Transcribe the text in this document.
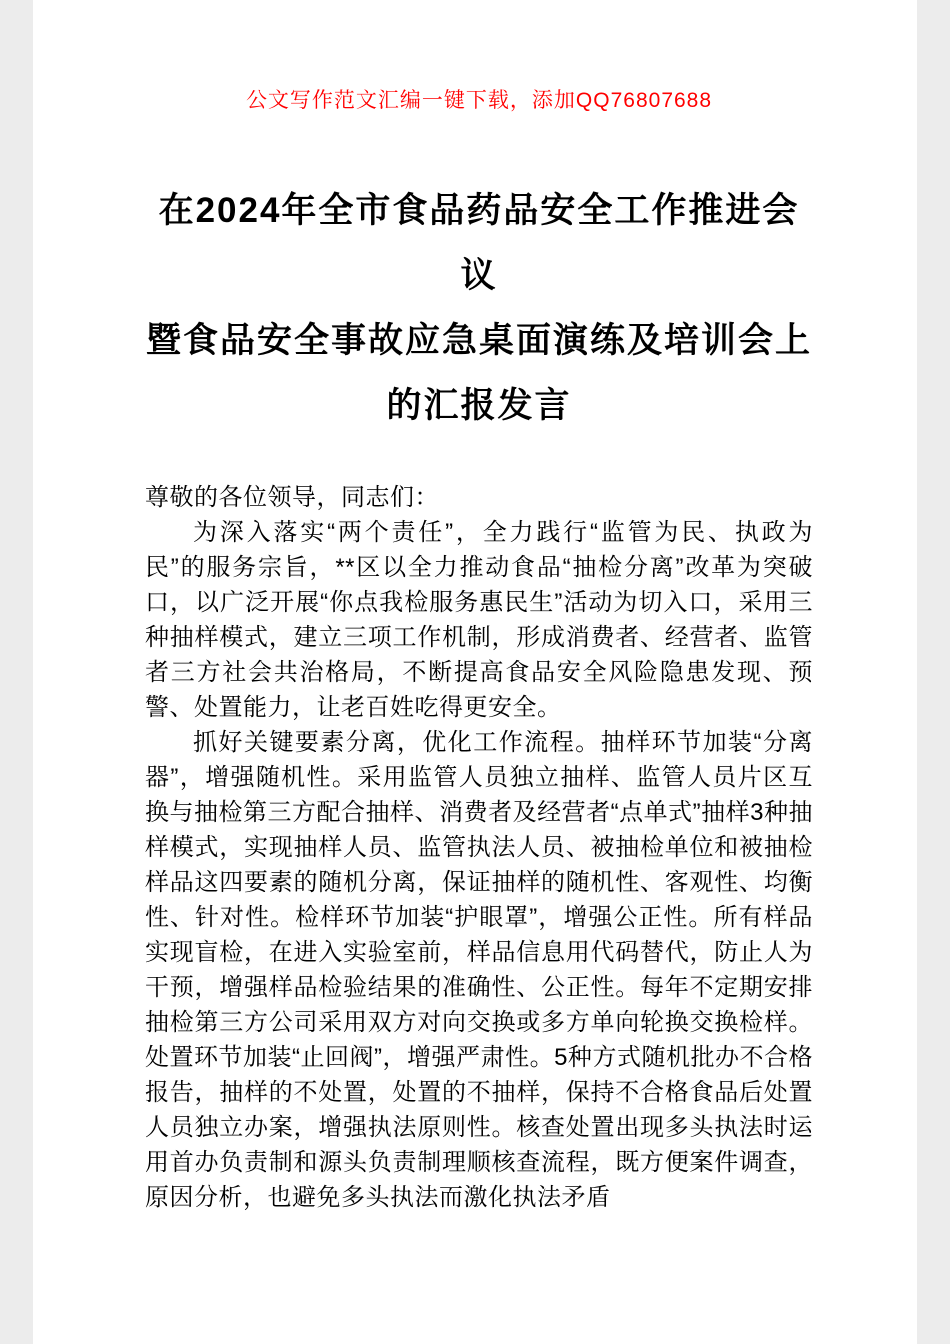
公文写作范文汇编一键下载，添加QQ76807688
在2024年全市食品药品安全工作推进会议
暨食品安全事故应急桌面演练及培训会上
的汇报发言

尊敬的各位领导，同志们：

为深入落实“两个责任”，全力践行“监管为民、执政为民”的服务宗旨，**区以全力推动食品“抽检分离”改革为突破口，以广泛开展“你点我检服务惠民生”活动为切入口，采用三种抽样模式，建立三项工作机制，形成消费者、经营者、监管者三方社会共治格局，不断提高食品安全风险隐患发现、预警、处置能力，让老百姓吃得更安全。

抓好关键要素分离，优化工作流程。抽样环节加装“分离器”，增强随机性。采用监管人员独立抽样、监管人员片区互换与抽检第三方配合抽样、消费者及经营者“点单式”抽样3种抽样模式，实现抽样人员、监管执法人员、被抽检单位和被抽检样品这四要素的随机分离，保证抽样的随机性、客观性、均衡性、针对性。检样环节加装“护眼罩”，增强公正性。所有样品实现盲检，在进入实验室前，样品信息用代码替代，防止人为干预，增强样品检验结果的准确性、公正性。每年不定期安排抽检第三方公司采用双方对向交换或多方单向轮换交换检样。处置环节加装“止回阀”，增强严肃性。5种方式随机批办不合格报告，抽样的不处置，处置的不抽样，保持不合格食品后处置人员独立办案，增强执法原则性。核查处置出现多头执法时运用首办负责制和源头负责制理顺核查流程，既方便案件调查，原因分析，也避免多头执法而激化执法矛盾
